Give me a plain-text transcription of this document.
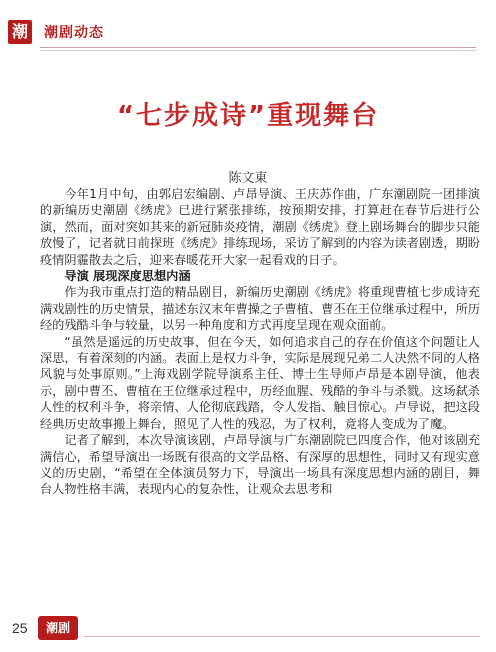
潮 潮剧动态
“七步成诗”重现舞台
陈文東

今年1月中旬，由郭启宏编剧、卢昂导演、王庆苏作曲，广东潮剧院一团排演的新编历史潮剧《绣虎》已进行紧张排练，按预期安排，打算赶在春节后进行公演，然而，面对突如其来的新冠肺炎疫情，潮剧《绣虎》登上剧场舞台的脚步只能放慢了，记者就日前探班《绣虎》排练现场，采访了解到的内容为读者剧透，期盼疫情阴霾散去之后，迎来春暖花开大家一起看戏的日子。

导演 展现深度思想内涵

作为我市重点打造的精品剧目，新编历史潮剧《绣虎》将重现曹植七步成诗充满戏剧性的历史情景，描述东汉末年曹操之子曹植、曹丕在王位继承过程中，所历经的残酷斗争与较量，以另一种角度和方式再度呈现在观众面前。

“虽然是遥远的历史故事，但在今天，如何追求自己的存在价值这个问题让人深思，有着深刻的内涵。表面上是权力斗争，实际是展现兄弟二人决然不同的人格风貌与处事原则。”上海戏剧学院导演系主任、博士生导师卢昂是本剧导演，他表示，剧中曹丕、曹植在王位继承过程中，历经血腥、残酷的争斗与杀戮。这场弑杀人性的权利斗争，将亲情、人伦彻底践踏，令人发指、触目惊心。卢导说，把这段经典历史故事搬上舞台，照见了人性的残忍，为了权利，竟将人变成为了魔。

记者了解到，本次导演该剧，卢昂导演与广东潮剧院已四度合作，他对该剧充满信心，希望导演出一场既有很高的文学品格、有深厚的思想性，同时又有现实意义的历史剧，“希望在全体演员努力下，导演出一场具有深度思想内涵的剧目，舞台人物性格丰满，表现内心的复杂性，让观众去思考和

25	潮剧
